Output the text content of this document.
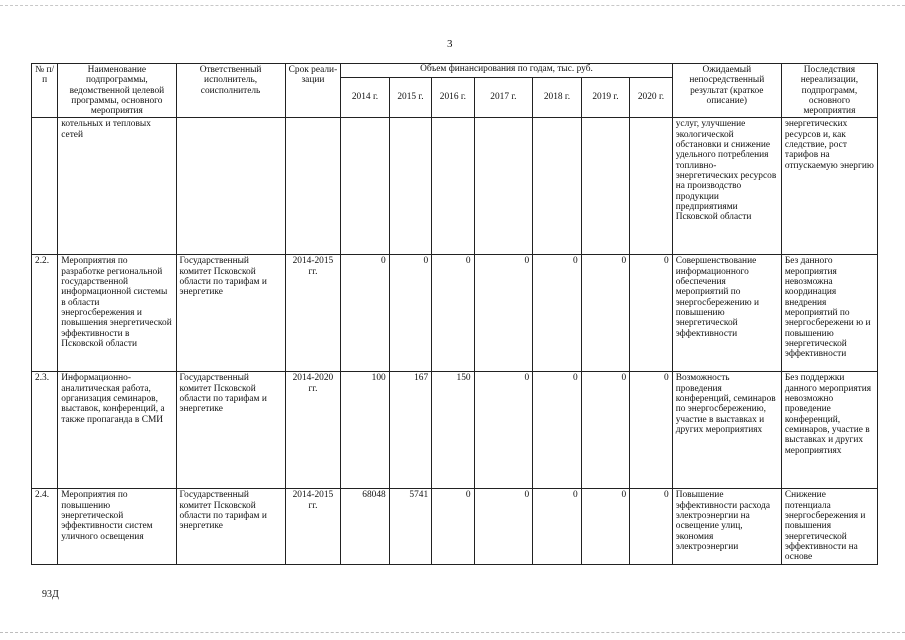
3
№ п/п	Наименование подпрограммы, ведомственной целевой программы, основного мероприятия	Ответственный исполнитель, соисполнитель	Срок реали-зации	Объем финансирования по годам, тыс. руб.							Ожидаемый непосредственный результат (краткое описание)	Последствия нереализации, подпрограмм, основного мероприятия
				2014 г.	2015 г.	2016 г.	2017 г.	2018 г.	2019 г.	2020 г.		
	котельных и тепловых сетей										услуг, улучшение экологической обстановки и снижение удельного потребления топливно-энергетических ресурсов на производство продукции предприятиями Псковской области	энергетических ресурсов и, как следствие, рост тарифов на отпускаемую энергию
2.2.	Мероприятия по разработке региональной государственной информационной системы в области энергосбережения и повышения энергетической эффективности в Псковской области	Государственный комитет Псковской области по тарифам и энергетике	2014-2015 гг.	0	0	0	0	0	0	0	Совершенствование информационного обеспечения мероприятий по энергосбережению и повышению энергетической эффективности	Без данного мероприятия невозможна координация внедрения мероприятий по энергосбережени ю и повышению энергетической эффективности
2.3.	Информационно-аналитическая работа, организация семинаров, выставок, конференций, а также пропаганда в СМИ	Государственный комитет Псковской области по тарифам и энергетике	2014-2020 гг.	100	167	150	0	0	0	0	Возможность проведения конференций, семинаров по энергосбережению, участие в выставках и других мероприятиях	Без поддержки данного мероприятия невозможно проведение конференций, семинаров, участие в выставках и других мероприятиях
2.4.	Мероприятия по повышению энергетической эффективности систем уличного освещения	Государственный комитет Псковской области по тарифам и энергетике	2014-2015 гг.	68048	5741	0	0	0	0	0	Повышение эффективности расхода электроэнергии на освещение улиц, экономия электроэнергии	Снижение потенциала энергосбережения и повышения энергетической эффективности на основе
93Д
